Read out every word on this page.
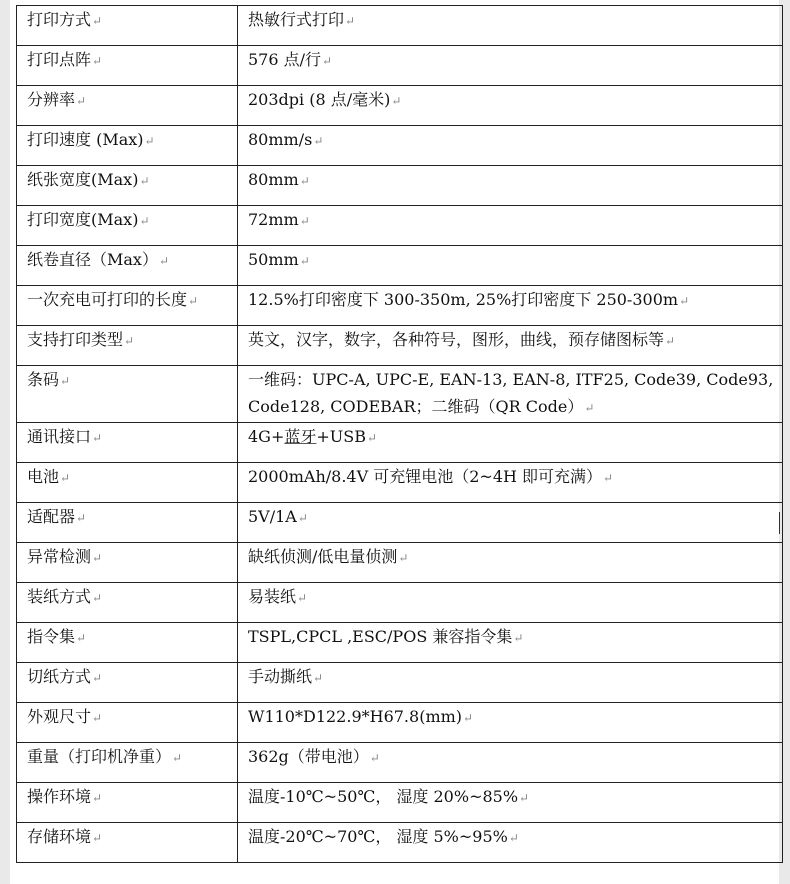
打印方式↵	热敏行式打印↵
打印点阵↵	576 点/行↵
分辨率↵	203dpi (8 点/毫米)↵
打印速度 (Max)↵	80mm/s↵
纸张宽度(Max)↵	80mm↵
打印宽度(Max)↵	72mm↵
纸卷直径（Max）↵	50mm↵
一次充电可打印的长度↵	12.5%打印密度下 300-350m, 25%打印密度下 250-300m↵
支持打印类型↵	英文，汉字，数字，各种符号，图形，曲线，预存储图标等↵
条码↵	一维码：UPC-A, UPC-E, EAN-13, EAN-8, ITF25, Code39, Code93, Code128, CODEBAR；二维码（QR Code）↵
通讯接口↵	4G+蓝牙+USB↵
电池↵	2000mAh/8.4V 可充锂电池（2~4H 即可充满）↵
适配器↵	5V/1A↵
异常检测↵	缺纸侦测/低电量侦测↵
装纸方式↵	易装纸↵
指令集↵	TSPL,CPCL ,ESC/POS 兼容指令集↵
切纸方式↵	手动撕纸↵
外观尺寸↵	W110*D122.9*H67.8(mm)↵
重量（打印机净重）↵	362g（带电池）↵
操作环境↵	温度-10℃~50℃， 湿度 20%~85%↵
存储环境↵	温度-20℃~70℃， 湿度 5%~95%↵
